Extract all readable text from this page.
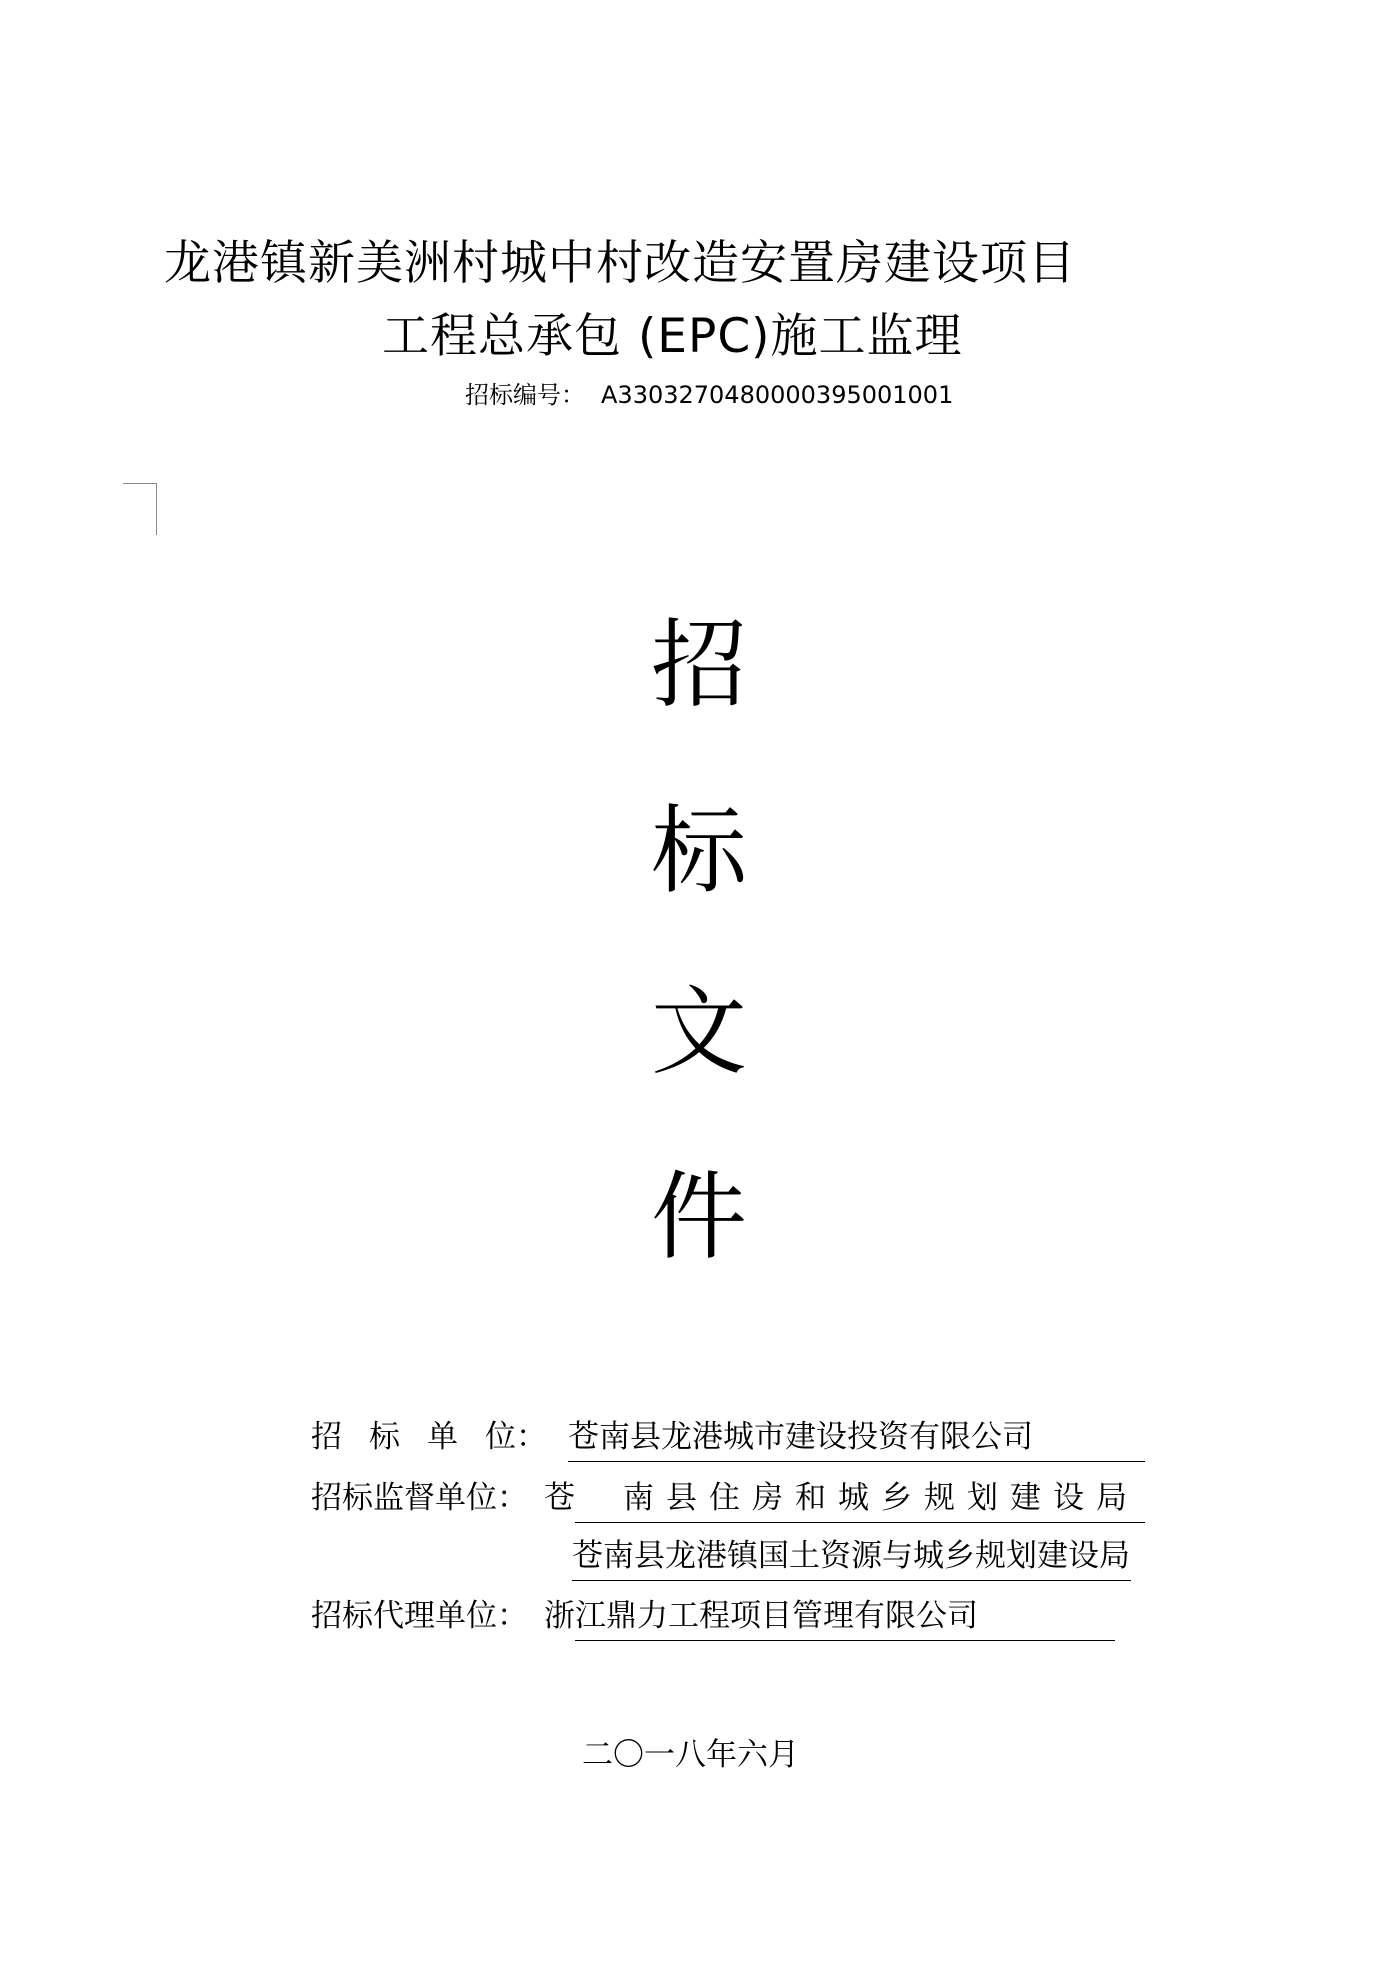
龙港镇新美洲村城中村改造安置房建设项目
工程总承包 (EPC)施工监理
招标编号： A3303270480000395001001
招
标
文
件
招标单位： 苍南县龙港城市建设投资有限公司
招标监督单位： 苍	南县住房和城乡规划建设局
苍南县龙港镇国土资源与城乡规划建设局
招标代理单位： 浙 江鼎力工程项目管理有限公司
二〇一八年六月
